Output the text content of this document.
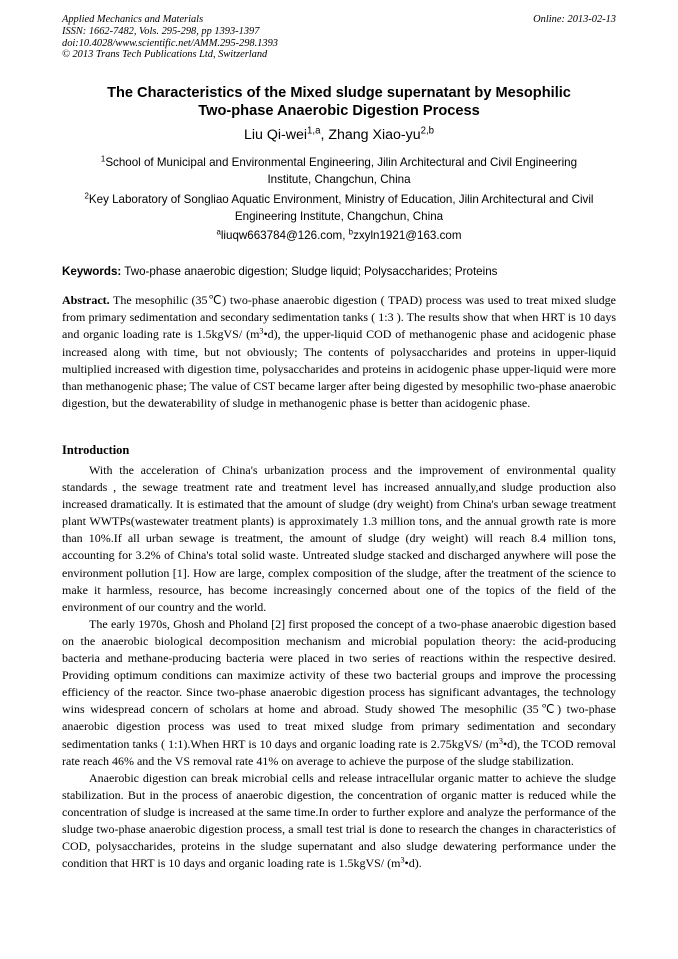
Applied Mechanics and Materials
ISSN: 1662-7482, Vols. 295-298, pp 1393-1397
doi:10.4028/www.scientific.net/AMM.295-298.1393
© 2013 Trans Tech Publications Ltd, Switzerland
Online: 2013-02-13
The Characteristics of the Mixed sludge supernatant by Mesophilic
Two-phase Anaerobic Digestion Process
Liu Qi-wei$^{1,a}$, Zhang Xiao-yu$^{2,b}$
$^1$School of Municipal and Environmental Engineering, Jilin Architectural and Civil Engineering
Institute, Changchun, China
$^2$Key Laboratory of Songliao Aquatic Environment, Ministry of Education, Jilin Architectural and Civil
Engineering Institute, Changchun, China
$^a$liuqw663784@126.com, $^b$zxyln1921@163.com
Keywords: Two-phase anaerobic digestion; Sludge liquid; Polysaccharides; Proteins
Abstract. The mesophilic (35℃) two-phase anaerobic digestion ( TPAD) process was used to treat mixed sludge from primary sedimentation and secondary sedimentation tanks ( 1:3 ). The results show that when HRT is 10 days and organic loading rate is 1.5kgVS/ $(m^3•d)$, the upper-liquid COD of methanogenic phase and acidogenic phase increased along with time, but not obviously; The contents of polysaccharides and proteins in upper-liquid multiplied increased with digestion time, polysaccharides and proteins in acidogenic phase upper-liquid were more than methanogenic phase; The value of CST became larger after being digested by mesophilic two-phase anaerobic digestion, but the dewaterability of sludge in methanogenic phase is better than acidogenic phase.
Introduction

With the acceleration of China's urbanization process and the improvement of environmental quality standards , the sewage treatment rate and treatment level has increased annually,and sludge production also increased dramatically. It is estimated that the amount of sludge (dry weight) from China's urban sewage treatment plant WWTPs(wastewater treatment plants) is approximately 1.3 million tons, and the annual growth rate is more than 10%.If all urban sewage is treatment, the amount of sludge (dry weight) will reach 8.4 million tons, accounting for 3.2% of China's total solid waste. Untreated sludge stacked and discharged anywhere will pose the environment pollution [1]. How are large, complex composition of the sludge, after the treatment of the science to make it harmless, resource, has become increasingly concerned about one of the topics of the field of the environment of our country and the world.

The early 1970s, Ghosh and Pholand [2] first proposed the concept of a two-phase anaerobic digestion based on the anaerobic biological decomposition mechanism and microbial population theory: the acid-producing bacteria and methane-producing bacteria were placed in two series of reactions within the respective desired. Providing optimum conditions can maximize activity of these two bacterial groups and improve the processing efficiency of the reactor. Since two-phase anaerobic digestion process has significant advantages, the technology wins widespread concern of scholars at home and abroad. Study showed The mesophilic (35℃) two-phase anaerobic digestion process was used to treat mixed sludge from primary sedimentation and secondary sedimentation tanks ( 1:1).When HRT is 10 days and organic loading rate is 2.75kgVS/ $(m^3•d)$, the TCOD removal rate reach 46% and the VS removal rate 41% on average to achieve the purpose of the sludge stabilization.

Anaerobic digestion can break microbial cells and release intracellular organic matter to achieve the sludge stabilization. But in the process of anaerobic digestion, the concentration of organic matter is reduced while the concentration of sludge is increased at the same time.In order to further explore and analyze the performance of the sludge two-phase anaerobic digestion process, a small test trial is done to research the changes in characteristics of COD, polysaccharides, proteins in the sludge supernatant and also sludge dewatering performance under the condition that HRT is 10 days and organic loading rate is 1.5kgVS/ $(m^3•d)$.
